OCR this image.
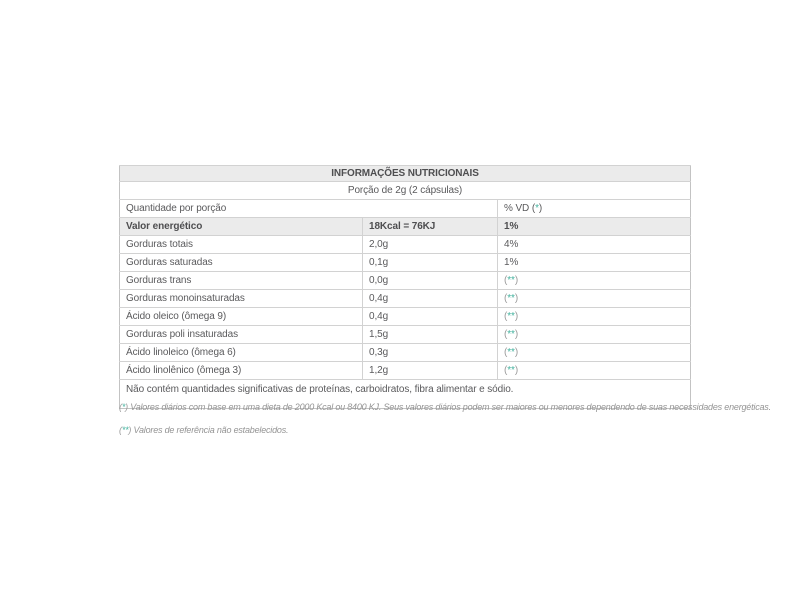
INFORMAÇÕES NUTRICIONAIS		
Porção de 2g (2 cápsulas)		
Quantidade por porção		% VD (*)
Valor energético	18Kcal = 76KJ	1%
Gorduras totais	2,0g	4%
Gorduras saturadas	0,1g	1%
Gorduras trans	0,0g	(**)
Gorduras monoinsaturadas	0,4g	(**)
Ácido oleico (ômega 9)	0,4g	(**)
Gorduras poli insaturadas	1,5g	(**)
Ácido linoleico (ômega 6)	0,3g	(**)
Ácido linolênico (ômega 3)	1,2g	(**)
Não contém quantidades significativas de proteínas, carboidratos, fibra alimentar e sódio.		
(*) Valores diários com base em uma dieta de 2000 Kcal ou 8400 KJ. Seus valores diários podem ser maiores ou menores dependendo de suas necessidades energéticas.
(**) Valores de referência não estabelecidos.
